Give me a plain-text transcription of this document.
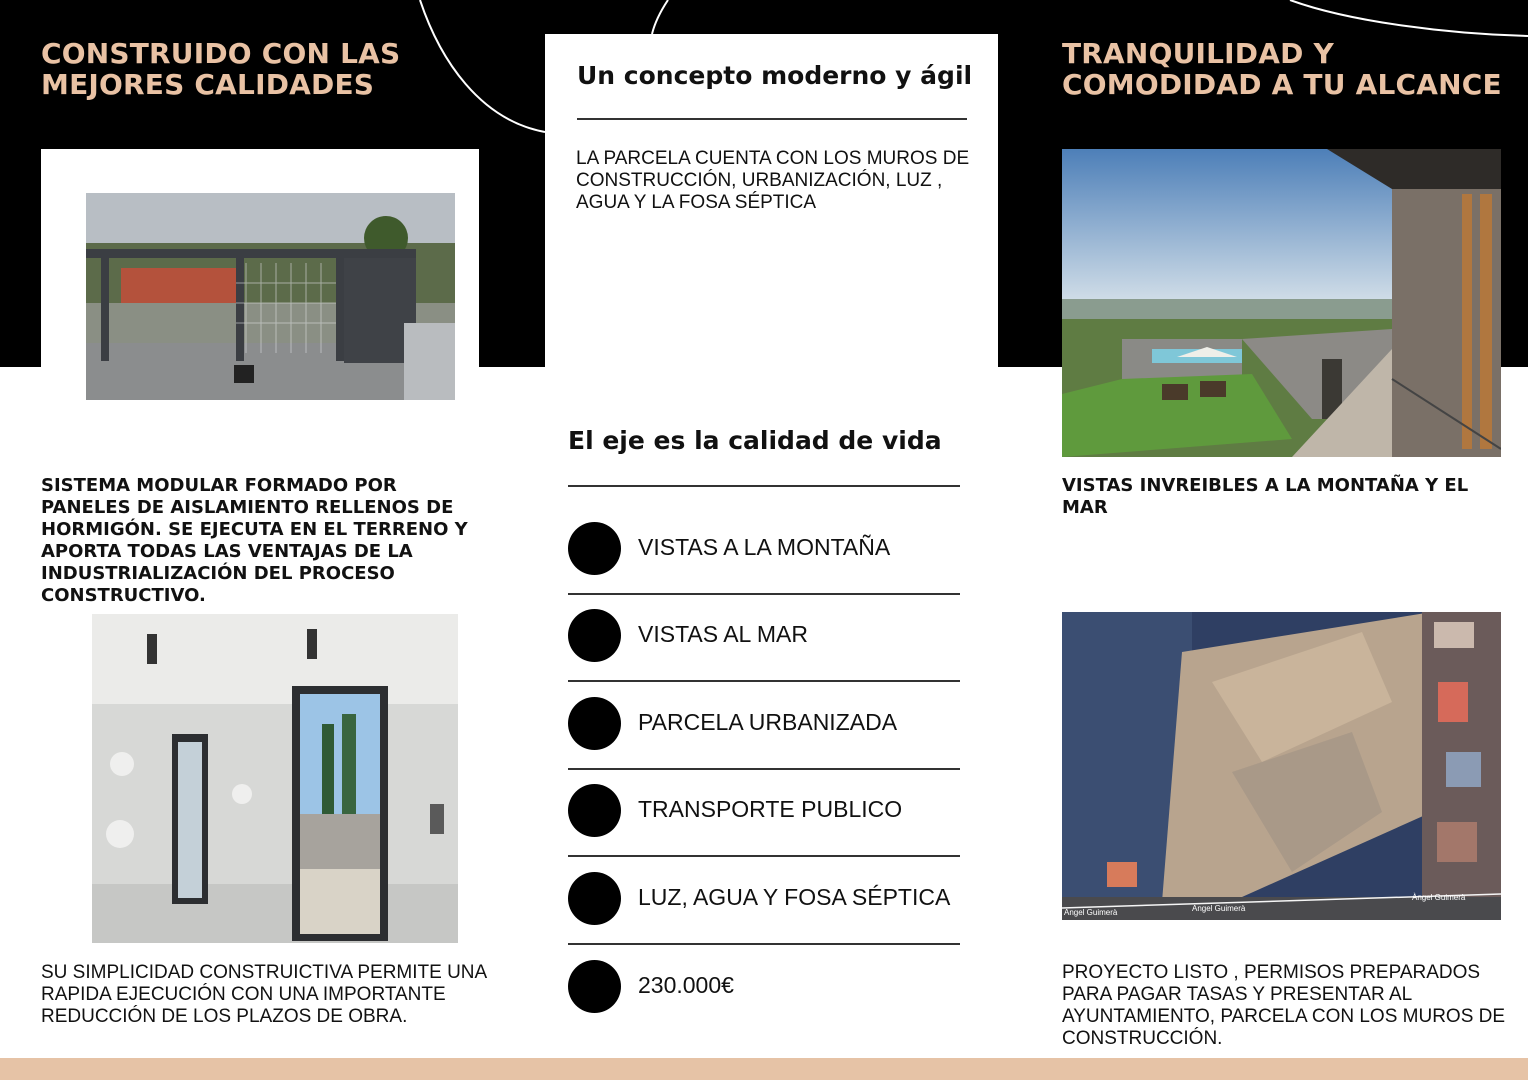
CONSTRUIDO CON LAS MEJORES CALIDADES
SISTEMA MODULAR FORMADO POR PANELES DE AISLAMIENTO RELLENOS DE HORMIGÓN. SE EJECUTA EN EL TERRENO Y APORTA TODAS LAS VENTAJAS DE LA INDUSTRIALIZACIÓN DEL PROCESO CONSTRUCTIVO.
SU SIMPLICIDAD CONSTRUICTIVA PERMITE UNA RAPIDA EJECUCIÓN CON UNA IMPORTANTE REDUCCIÓN DE LOS PLAZOS DE OBRA.
Un concepto moderno y ágil
LA PARCELA CUENTA CON LOS MUROS DE CONSTRUCCIÓN, URBANIZACIÓN, LUZ , AGUA Y LA FOSA SÉPTICA
El eje es la calidad de vida
VISTAS A LA MONTAÑA
VISTAS AL MAR
PARCELA URBANIZADA
TRANSPORTE PUBLICO
LUZ, AGUA Y FOSA SÉPTICA
230.000€
TRANQUILIDAD Y COMODIDAD A TU ALCANCE
VISTAS INVREIBLES A LA MONTAÑA Y EL MAR
Angel Guimerà	Angel Guimerà
Àngel Guimerà
PROYECTO LISTO , PERMISOS PREPARADOS PARA PAGAR TASAS Y PRESENTAR AL AYUNTAMIENTO, PARCELA CON LOS MUROS DE CONSTRUCCIÓN.
